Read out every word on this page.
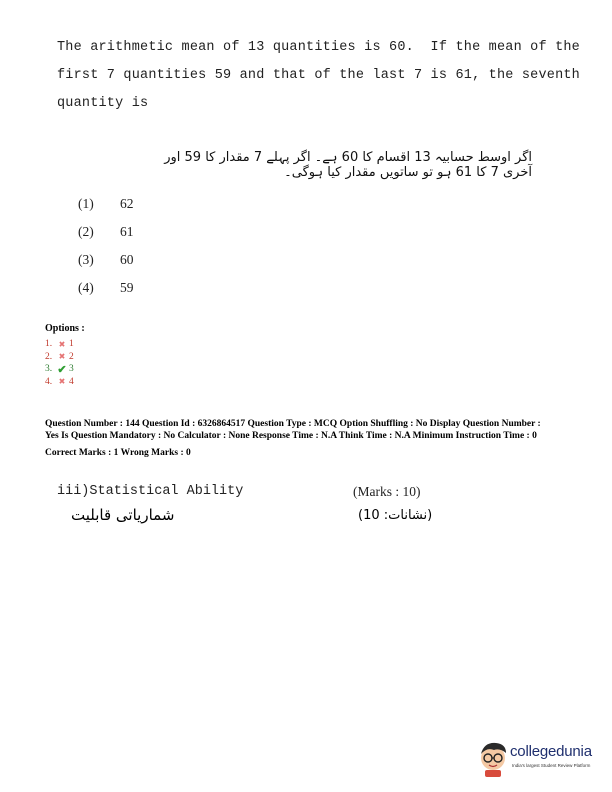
The arithmetic mean of 13 quantities is 60.  If the mean of the
first 7 quantities 59 and that of the last 7 is 61, the seventh
quantity is
اگر اوسط حسابیہ 13 اقسام کا 60 ہے۔ اگر پہلے 7 مقدار کا 59 اور آخری 7 کا 61 ہو تو ساتویں مقدار کیا ہوگی۔
(1)	62
(2)	61
(3)	60
(4)	59
Options :
1. ✖ 1
2. ✖ 2
3. ✔ 3
4. ✖ 4
Question Number : 144 Question Id : 6326864517 Question Type : MCQ Option Shuffling : No Display Question Number : Yes Is Question Mandatory : No Calculator : None Response Time : N.A Think Time : N.A Minimum Instruction Time : 0
Correct Marks : 1 Wrong Marks : 0
iii)Statistical Ability	(Marks : 10)
شماریاتی قابلیت	(نشانات: 10)
collegedunia
India's largest Student Review Platform
